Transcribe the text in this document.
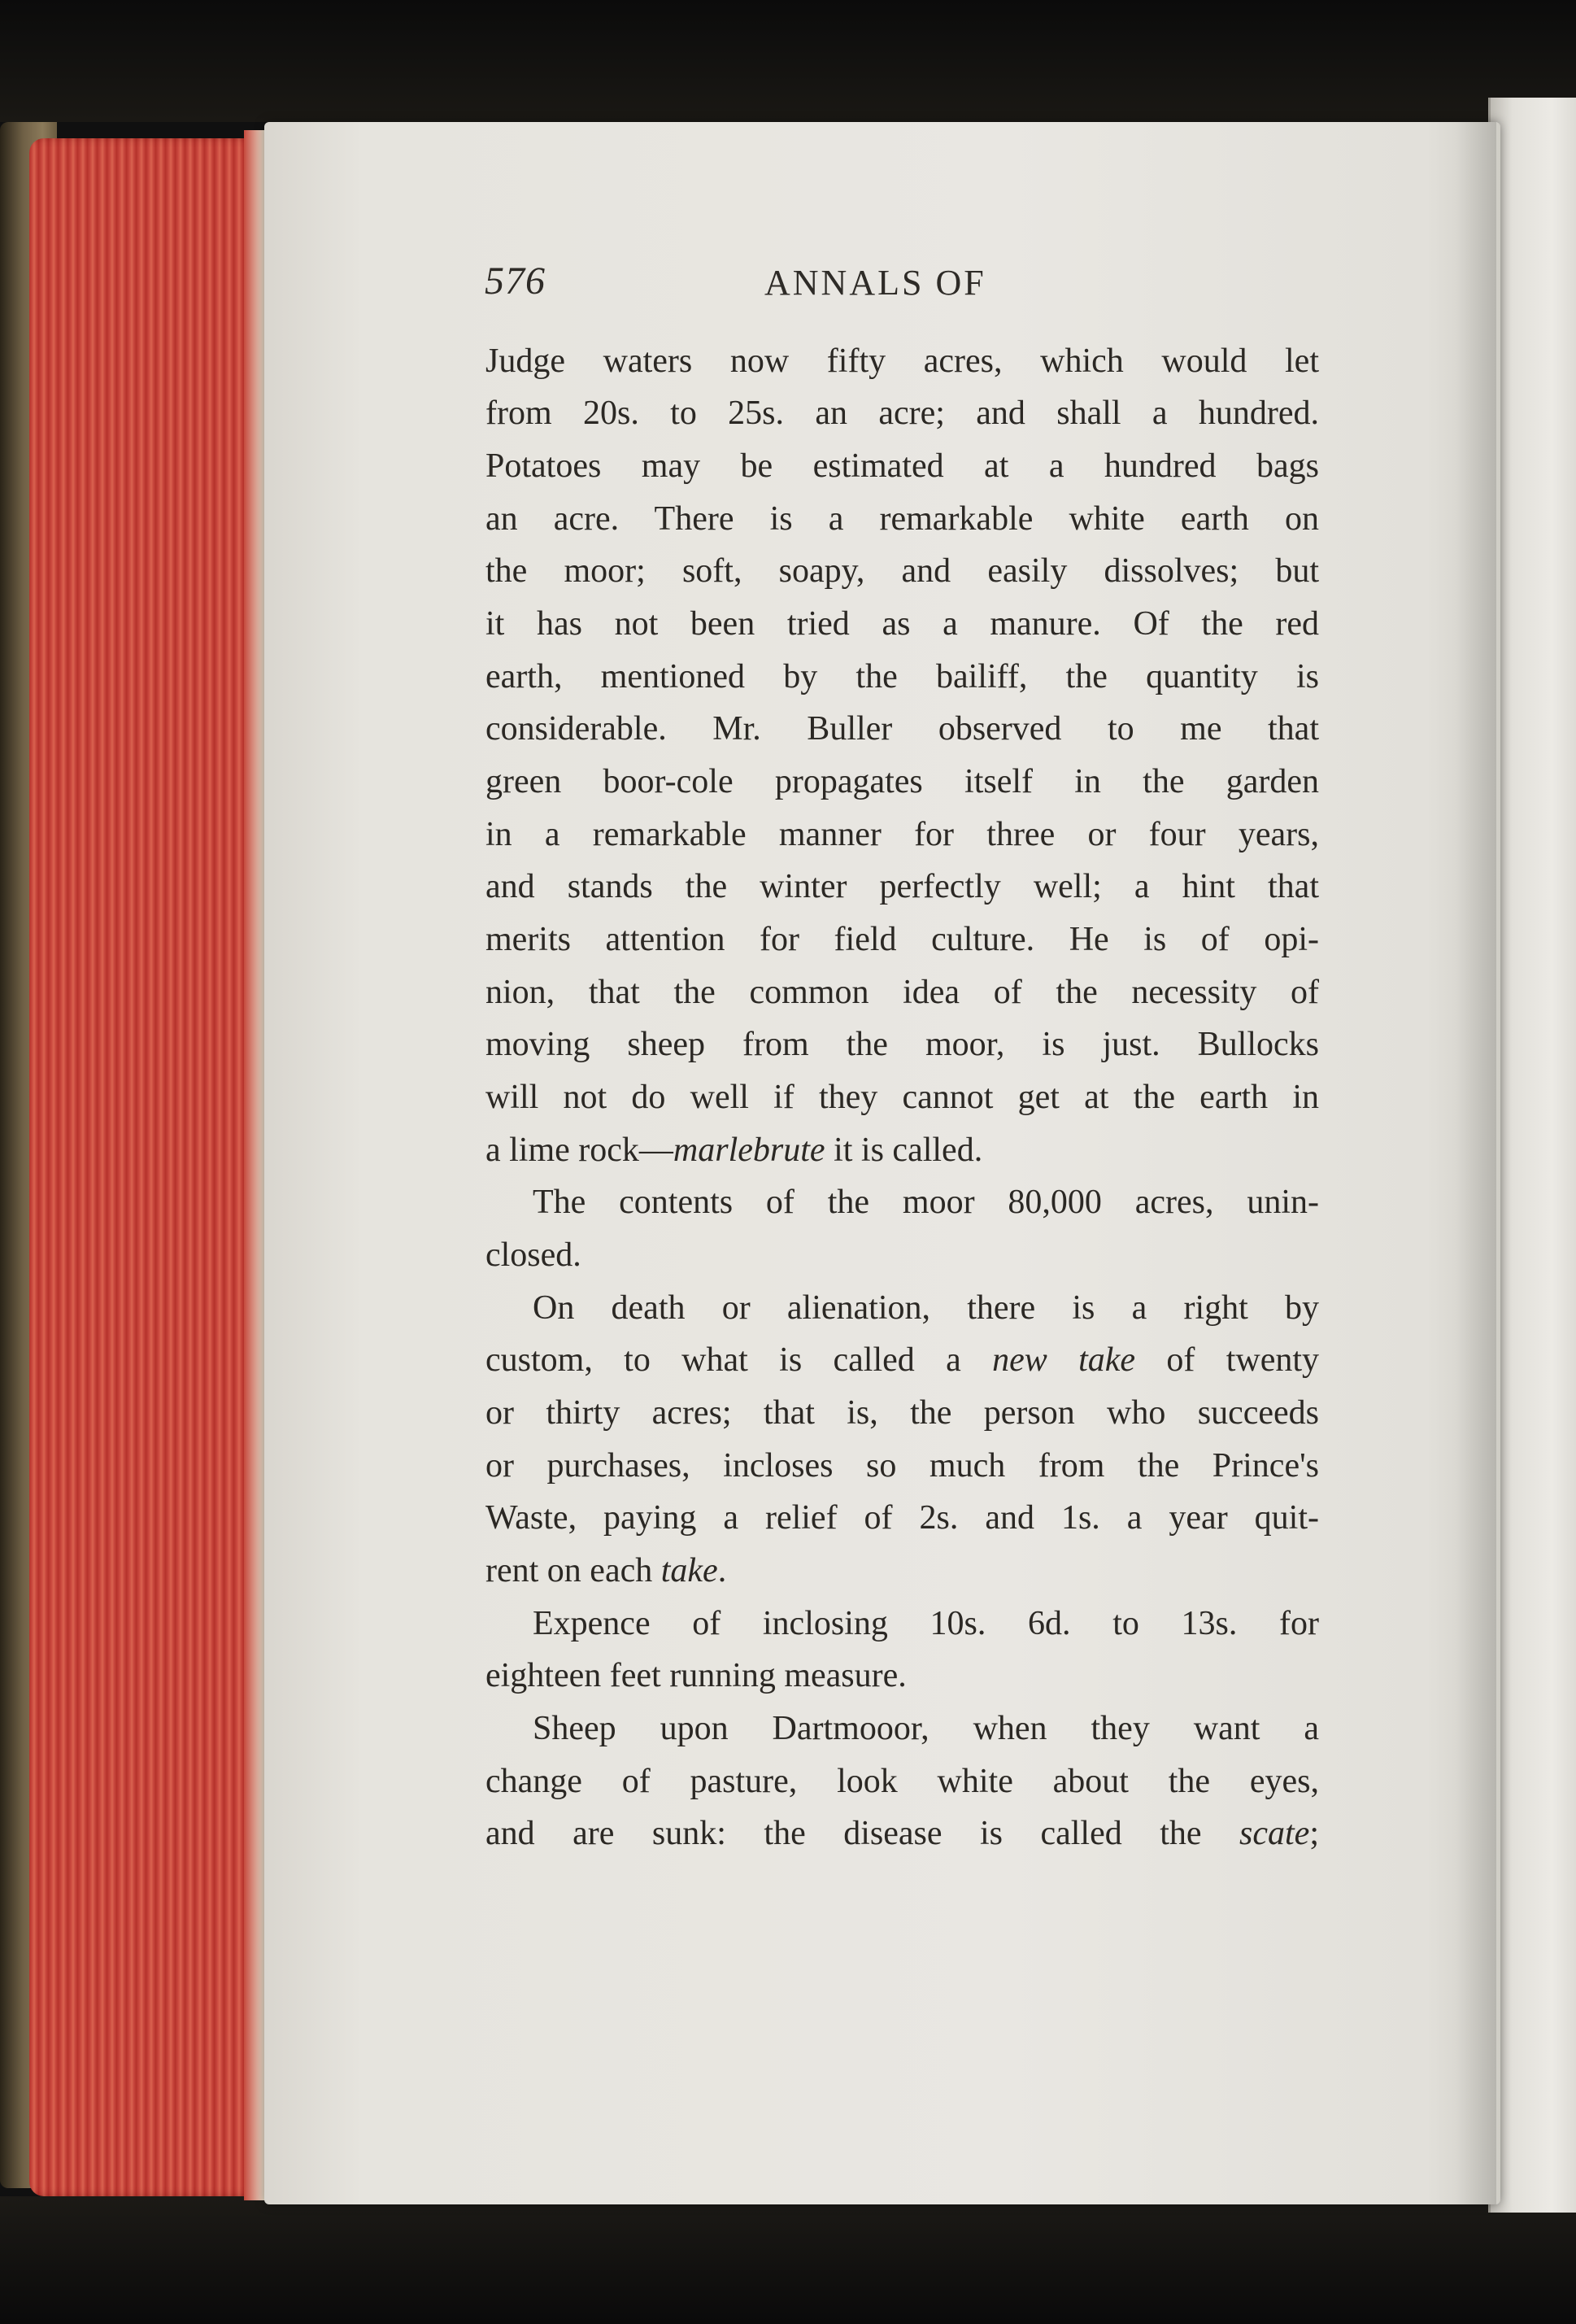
576	ANNALS OF
Judge waters now fifty acres, which would let
from 20s. to 25s. an acre; and shall a hundred.
Potatoes may be estimated at a hundred bags
an acre. There is a remarkable white earth on
the moor; soft, soapy, and easily dissolves; but
it has not been tried as a manure. Of the red
earth, mentioned by the bailiff, the quantity is
considerable. Mr. Buller observed to me that
green boor-cole propagates itself in the garden
in a remarkable manner for three or four years,
and stands the winter perfectly well; a hint that
merits attention for field culture. He is of opi-
nion, that the common idea of the necessity of
moving sheep from the moor, is just. Bullocks
will not do well if they cannot get at the earth in
a lime rock—marlebrute it is called.
The contents of the moor 80,000 acres, unin-
closed.
On death or alienation, there is a right by
custom, to what is called a new take of twenty
or thirty acres; that is, the person who succeeds
or purchases, incloses so much from the Prince's
Waste, paying a relief of 2s. and 1s. a year quit-
rent on each take.
Expence of inclosing 10s. 6d. to 13s. for
eighteen feet running measure.
Sheep upon Dartmooor, when they want a
change of pasture, look white about the eyes,
and are sunk: the disease is called the scate;
